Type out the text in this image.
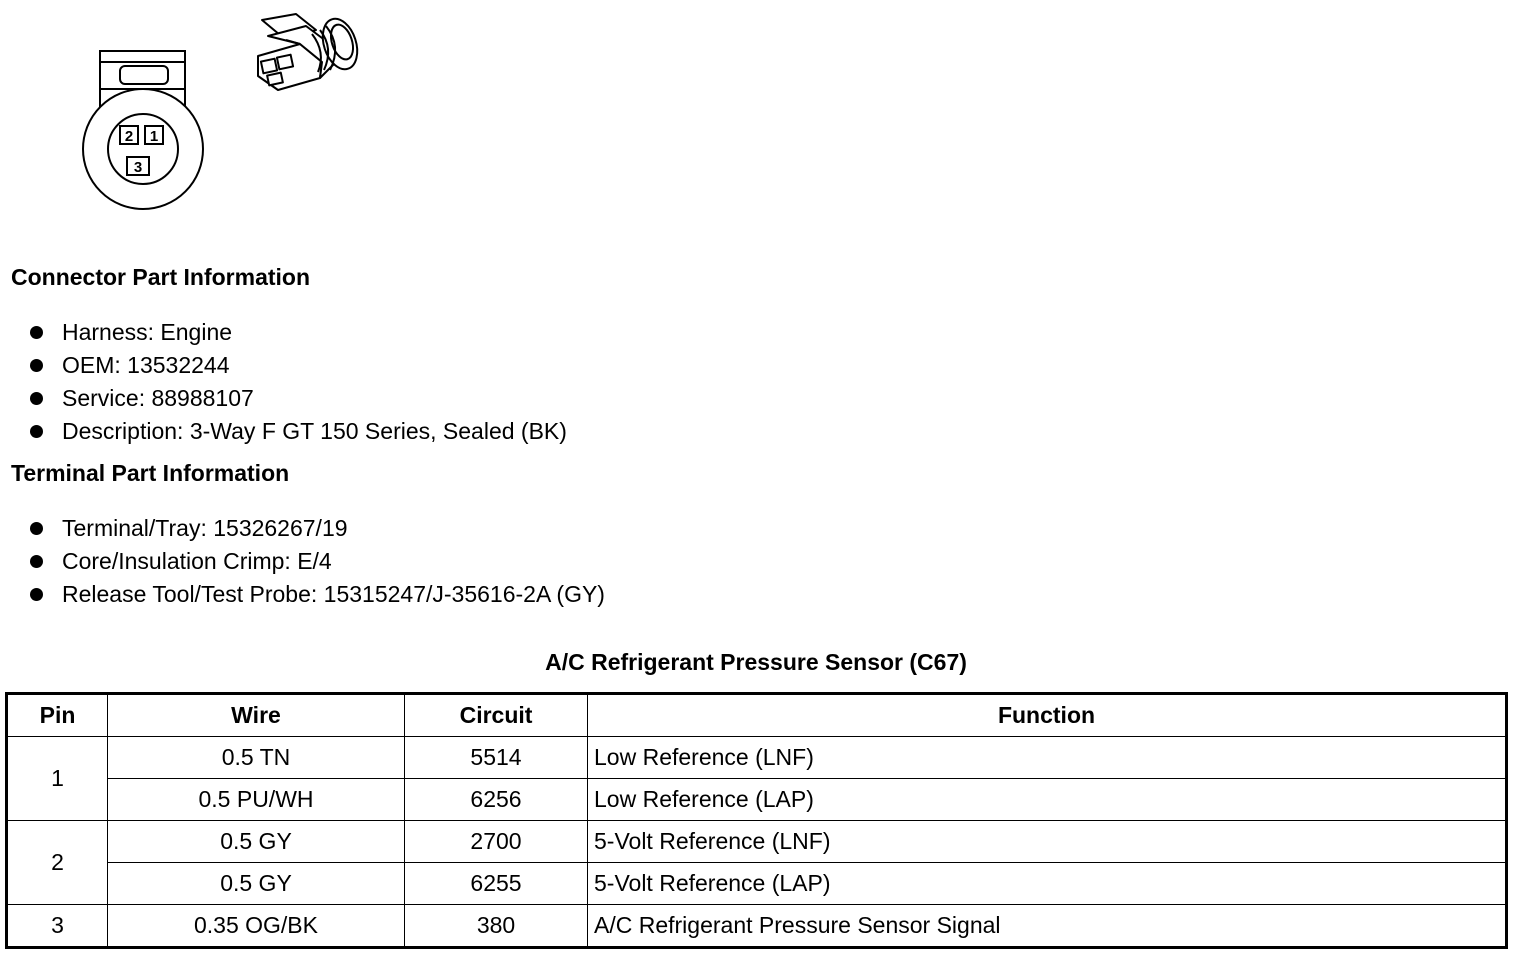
2 1
3
Connector Part Information
Harness: Engine
OEM: 13532244
Service: 88988107
Description: 3-Way F GT 150 Series, Sealed (BK)
Terminal Part Information
Terminal/Tray: 15326267/19
Core/Insulation Crimp: E/4
Release Tool/Test Probe: 15315247/J-35616-2A (GY)
A/C Refrigerant Pressure Sensor (C67)
Pin	Wire	Circuit	Function
1	0.5 TN	5514	Low Reference (LNF)
	0.5 PU/WH	6256	Low Reference (LAP)
2	0.5 GY	2700	5-Volt Reference (LNF)
	0.5 GY	6255	5-Volt Reference (LAP)
3	0.35 OG/BK	380	A/C Refrigerant Pressure Sensor Signal
